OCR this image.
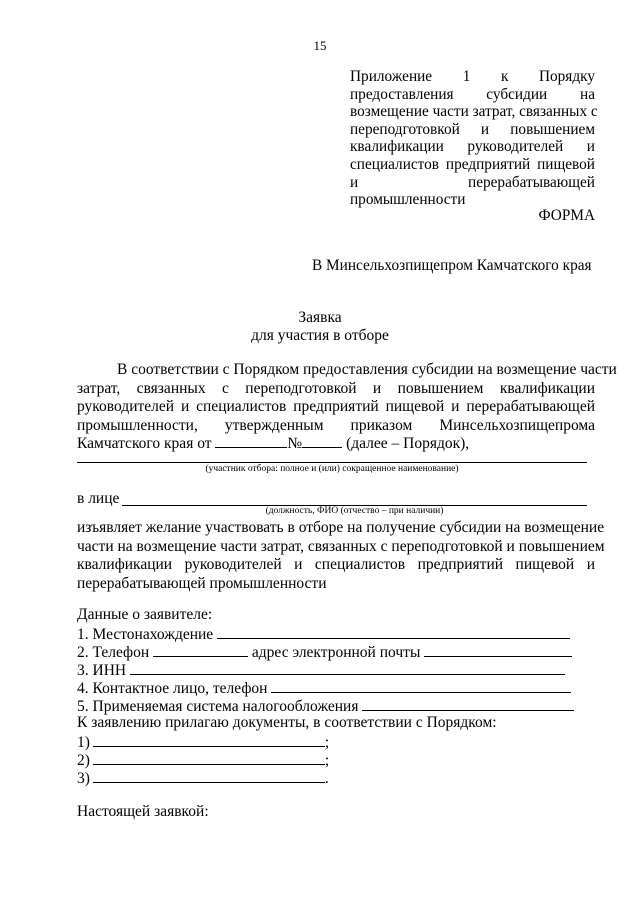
15
Приложение 1 к Порядку
предоставления субсидии на
возмещение части затрат, связанных с
переподготовкой и повышением
квалификации руководителей и
специалистов предприятий пищевой
и перерабатывающей
промышленности
ФОРМА
В Минсельхозпищепром Камчатского края
Заявка
для участия в отборе
В соответствии с Порядком предоставления субсидии на возмещение части
затрат, связанных с переподготовкой и повышением квалификации
руководителей и специалистов предприятий пищевой и перерабатывающей
промышленности, утвержденным приказом Минсельхозпищепрома
Камчатского края от	№	(далее – Порядок),
(участник отбора: полное и (или) сокращенное наименование)
в лице
(должность, ФИО (отчество – при наличии)
изъявляет желание участвовать в отборе на получение субсидии на возмещение
части на возмещение части затрат, связанных с переподготовкой и повышением
квалификации руководителей и специалистов предприятий пищевой и
перерабатывающей промышленности
Данные о заявителе:
1. Местонахождение
2. Телефон	адрес электронной почты
3. ИНН
4. Контактное лицо, телефон
5. Применяемая система налогообложения
К заявлению прилагаю документы, в соответствии с Порядком:
1)	;
2)	;
3)	.
Настоящей заявкой:
